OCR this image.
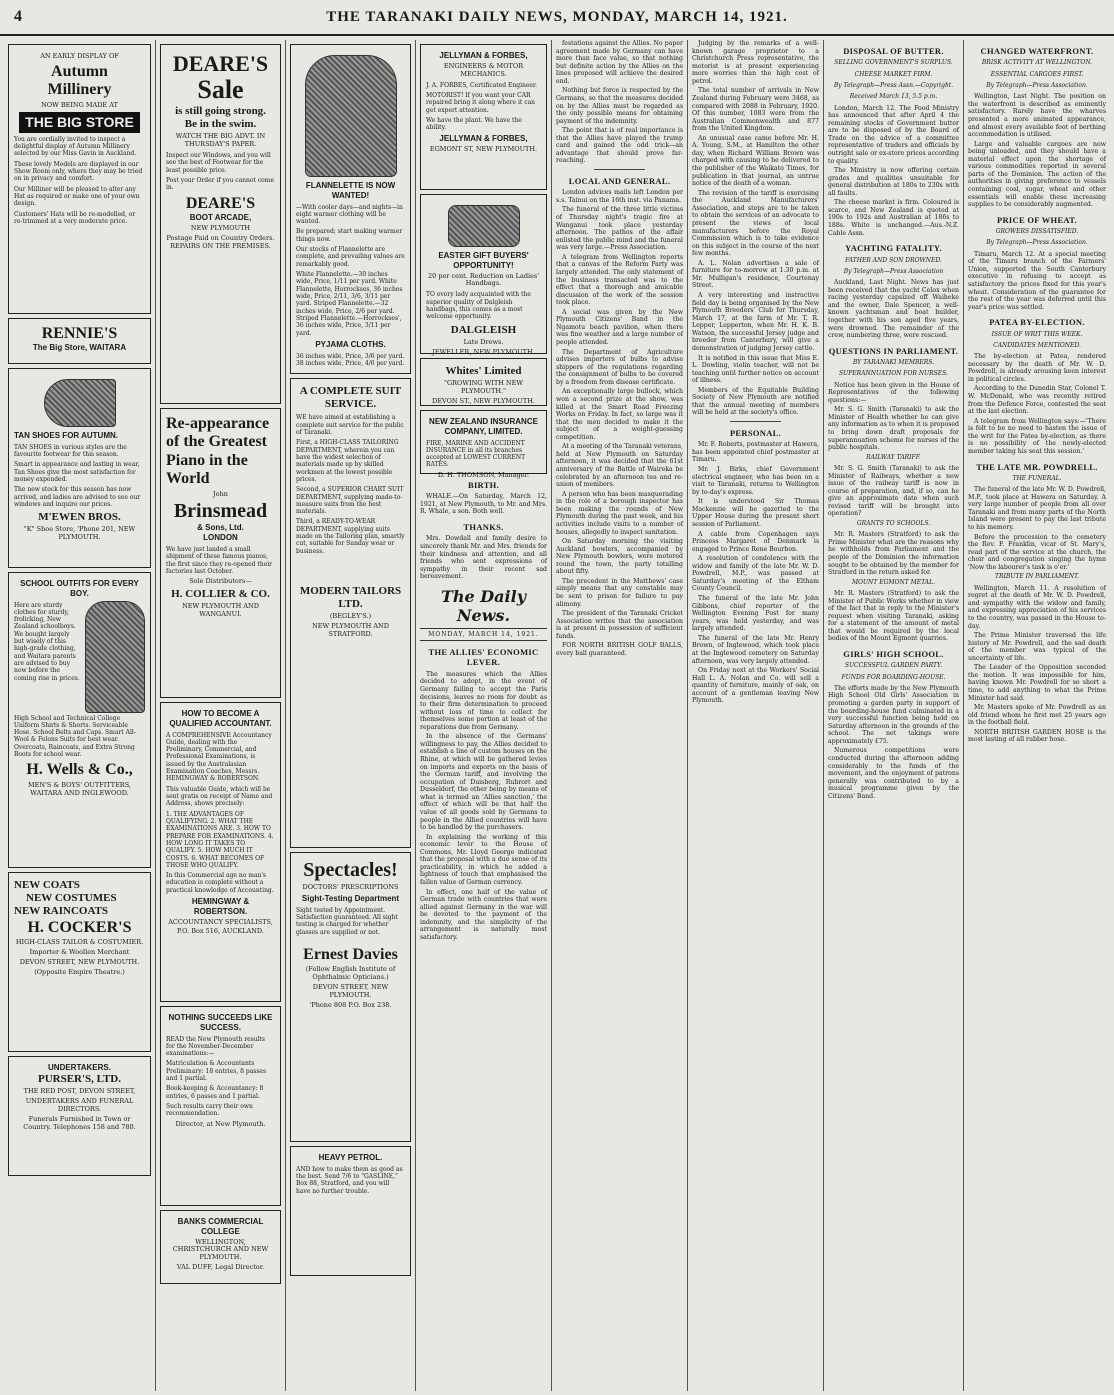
4	THE TARANAKI DAILY NEWS, MONDAY, MARCH 14, 1921.
AN EARLY DISPLAY OF
Autumn
Millinery
NOW BEING MADE AT
THE BIG STORE
You are cordially invited to inspect a delightful display of Autumn Millinery selected by our Miss Gavin in Auckland.
These lovely Models are displayed in our Show Room only, where they may be tried on in privacy and comfort.
Our Milliner will be pleased to alter any Hat as required or make one of your own design.
Customers' Hats will be re-modelled, or re-trimmed at a very moderate price.
RENNIE'S
The Big Store, WAITARA
TAN SHOES FOR AUTUMN.
TAN SHOES in various styles are the favourite footwear for this season.
Smart in appearance and lasting in wear, Tan Shoes give the most satisfaction for money expended.
The new stock for this season has now arrived, and ladies are advised to see our windows and inquire our prices.
M'EWEN BROS.
"K" Shoe Store, 'Phone 201, NEW PLYMOUTH.
SCHOOL OUTFITS FOR EVERY BOY.
Here are sturdy clothes for sturdy, frolicking, New Zealand schoolboys. We bought largely but wisely of this high-grade clothing, and Waitara parents are advised to buy now before the coming rise in prices.
High School and Technical College Uniform Shirts & Shorts. Serviceable Hose. School Belts and Caps. Smart All-Wool & Felons Suits for best wear. Overcoats, Raincoats, and Extra Strong Boots for school wear.
H. Wells & Co.,
MEN'S & BOYS' OUTFITTERS, WAITARA AND INGLEWOOD.
NEW COATS
NEW COSTUMES
NEW RAINCOATS
H. COCKER'S
HIGH-CLASS TAILOR & COSTUMIER.
Importer & Woollen Merchant
DEVON STREET, NEW PLYMOUTH.
(Opposite Empire Theatre.)
UNDERTAKERS.
PURSER'S, LTD.
THE RED POST, DEVON STREET,
UNDERTAKERS AND FUNERAL DIRECTORS.
Funerals Furnished in Town or Country. Telephones 158 and 780.
DEARE'S
Sale
is still going strong.
Be in the swim.
WATCH THE BIG ADVT. IN THURSDAY'S PAPER.
Inspect our Windows, and you will see the best of Footwear for the least possible price.
Post your Order if you cannot come in.
DEARE'S
BOOT ARCADE,
NEW PLYMOUTH
Postage Paid on Country Orders. REPAIRS ON THE PREMISES.
Re-appearance of the Greatest Piano in the World
John
Brinsmead
& Sons, Ltd.
LONDON
We have just landed a small shipment of these famous pianos, the first since they re-opened their factories last October.
Sole Distributors—
H. COLLIER & CO.
NEW PLYMOUTH AND WANGANUI.
HOW TO BECOME A QUALIFIED ACCOUNTANT.
A COMPREHENSIVE Accountancy Guide, dealing with the Preliminary, Commercial, and Professional Examinations, is issued by the Australasian Examination Coaches, Messrs. HEMINGWAY & ROBERTSON.
This valuable Guide, which will be sent gratis on receipt of Name and Address, shows precisely:
1. THE ADVANTAGES OF QUALIFYING. 2. WHAT THE EXAMINATIONS ARE. 3. HOW TO PREPARE FOR EXAMINATIONS. 4. HOW LONG IT TAKES TO QUALIFY. 5. HOW MUCH IT COSTS. 6. WHAT BECOMES OF THOSE WHO QUALIFY.
In this Commercial age no man's education is complete without a practical knowledge of Accounting.
HEMINGWAY & ROBERTSON.
ACCOUNTANCY SPECIALISTS,
P.O. Box 516, AUCKLAND.
NOTHING SUCCEEDS LIKE SUCCESS.
READ the New Plymouth results for the November-December examinations:—
Matriculation & Accountants Preliminary: 18 entries, 8 passes and 1 partial.
Book-keeping & Accountancy: 8 entries, 6 passes and 1 partial.
Such results carry their own recommendation.
Director, at New Plymouth.
BANKS COMMERCIAL COLLEGE
WELLINGTON, CHRISTCHURCH AND NEW PLYMOUTH.
VAL DUFF, Legal Director.
FLANNELETTE IS NOW WANTED!
—With cooler days—and nights—in eight warmer clothing will be wanted.
Be prepared; start making warmer things now.
Our stocks of Flannelette are complete, and prevailing values are remarkably good.
White Flannelette.—30 inches wide, Price, 1/11 per yard. White Flannelette, Horrockses, 36 inches wide, Price, 2/11, 3/6, 3/11 per yard. Striped Flannelette.—32 inches wide, Price, 2/6 per yard. Striped Flannelette.—Horrockses', 36 inches wide, Price, 3/11 per yard.
PYJAMA CLOTHS.
36 inches wide, Price, 3/6 per yard. 38 inches wide, Price, 4/6 per yard.
A COMPLETE SUIT SERVICE.
WE have aimed at establishing a complete suit service for the public of Taranaki.
First, a HIGH-CLASS TAILORING DEPARTMENT, wherein you can have the widest selection of materials made up by skilled workmen at the lowest possible prices.
Second, a SUPERIOR CHART SUIT DEPARTMENT, supplying made-to-measure suits from the best materials.
Third, a READY-TO-WEAR DEPARTMENT, supplying suits made on the Tailoring plan, smartly cut, suitable for Sunday wear or business.
MODERN TAILORS LTD.
(BEGLEY'S.)
NEW PLYMOUTH AND STRATFORD.
Spectacles!
DOCTORS' PRESCRIPTIONS
Sight-Testing Department
Sight tested by Appointment. Satisfaction guaranteed. All sight testing is charged for whether glasses are supplied or not.
Ernest Davies
(Fellow English Institute of Ophthalmic Opticians.)
DEVON STREET, NEW PLYMOUTH.
'Phone 808 P.O. Box 238.
HEAVY PETROL.
AND how to make them as good as the best. Send 7/6 to "GASLINE," Box 88, Stratford, and you will have no further trouble.
JELLYMAN & FORBES,
ENGINEERS & MOTOR MECHANICS.
J. A. FORBES, Certificated Engineer.
MOTORIST! If you want your CAR repaired bring it along where it can get expert attention.
We have the plant. We have the ability.
JELLYMAN & FORBES,
EGMONT ST, NEW PLYMOUTH.
EASTER GIFT BUYERS' OPPORTUNITY!
20 per cent. Reduction on Ladies' Handbags.
TO every lady acquainted with the superior quality of Dalgleish handbags, this comes as a most welcome opportunity.
DALGLEISH
Late Drews.
JEWELLER, NEW PLYMOUTH.
Whites' Limited
"GROWING WITH NEW PLYMOUTH."
DEVON ST., NEW PLYMOUTH.
NEW ZEALAND INSURANCE COMPANY, LIMITED.
FIRE, MARINE AND ACCIDENT INSURANCE in all its branches accepted at LOWEST CURRENT RATES.
D. H. THOMSON, Manager.
BIRTH.

WHALE.—On Saturday, March 12, 1921, at New Plymouth, to Mr. and Mrs. R. Whale, a son. Both well.

THANKS.

Mrs. Dowdall and family desire to sincerely thank Mr. and Mrs. friends for their kindness and attention, and all friends who sent expressions of sympathy in their recent sad bereavement.

The Daily News.
MONDAY, MARCH 14, 1921.
THE ALLIES' ECONOMIC LEVER.

The measures which the Allies decided to adopt, in the event of Germany failing to accept the Paris decisions, leaves no room for doubt as to their firm determination to proceed without loss of time to collect for themselves some portion at least of the reparations due from Germany.

In the absence of the Germans' willingness to pay, the Allies decided to establish a line of custom houses on the Rhine, at which will be gathered levies on imports and exports on the basis of the German tariff, and involving the occupation of Duisberg, Ruhrort and Dusseldorf, the other being by means of what is termed an 'Allies sanction,' the effect of which will be that half the value of all goods sold by Germans to people in the Allied countries will have to be handled by the purchasers.

In explaining the working of this economic lever to the House of Commons, Mr. Lloyd George indicated that the proposal with a due sense of its practicability, in which he added a lightness of touch that emphasised the fallen value of German currency.

In effect, one half of the value of German trade with countries that were allied against Germany in the war will be devoted to the payment of the indemnity, and the simplicity of the arrangement is naturally most satisfactory.

festations against the Allies. No paper agreement made by Germany can have more than face value, so that nothing but definite action by the Allies on the lines proposed will achieve the desired end.

Nothing but force is respected by the Germans, so that the measures decided on by the Allies must be regarded as the only possible means for obtaining payment of the indemnity.

The point that is of real importance is that the Allies have played the trump card and gained the odd trick—an advantage that should prove far-reaching.

LOCAL AND GENERAL.

London advices mails left London per s.s. Tainui on the 16th inst. via Panama.

The funeral of the three little victims of Thursday night's tragic fire at Wanganui took place yesterday afternoon. The pathos of the affair enlisted the public mind and the funeral was very large.—Press Association.

A telegram from Wellington reports that a canvas of the Reform Party was largely attended. The only statement of the business transacted was to the effect that a thorough and amicable discussion of the work of the session took place.

A social was given by the New Plymouth Citizens' Band in the Ngamotu beach pavilion, when there was fine weather and a large number of people attended.

The Department of Agriculture advises importers of bulbs to advise shippers of the regulations regarding the consignment of bulbs to be covered by a freedom from disease certificate.

An exceptionally large bullock, which won a second prize at the show, was killed at the Smart Road Freezing Works on Friday. In fact, so large was it that the men decided to make it the subject of a weight-guessing competition.

At a meeting of the Taranaki veterans, held at New Plymouth on Saturday afternoon, it was decided that the 61st anniversary of the Battle of Waireka be celebrated by an afternoon tea and re-union of members.

A person who has been masquerading in the role of a borough inspector has been making the rounds of New Plymouth during the past week, and his activities include visits to a number of houses, allegedly to inspect sanitation.

On Saturday morning the visiting Auckland bowlers, accompanied by New Plymouth bowlers, were motored round the town, the party totalling about fifty.

The precedent in the Matthews' case simply means that any constable may be sent to prison for failure to pay alimony.

The president of the Taranaki Cricket Association writes that the association is at present in possession of sufficient funds.

FOR NORTH BRITISH GOLF BALLS, every ball guaranteed.

Judging by the remarks of a well-known garage proprietor to a Christchurch Press representative, the motorist is at present experiencing more worries than the high cost of petrol.

The total number of arrivals in New Zealand during February were 3468, as compared with 2088 in February, 1920. Of this number, 1083 were from the Australian Commonwealth and 877 from the United Kingdom.

An unusual case came before Mr. H. A. Young, S.M., at Hamilton the other day, when Richard William Brown was charged with causing to be delivered to the publisher of the Waikato Times, for publication in that journal, an untrue notice of the death of a woman.

The revision of the tariff is exercising the Auckland Manufacturers' Association, and steps are to be taken to obtain the services of an advocate to present the views of local manufacturers before the Royal Commission which is to take evidence on this subject in the course of the next few months.

A. L. Nolan advertises a sale of furniture for to-morrow at 1.30 p.m. at Mr. Mulligan's residence, Courtenay Street.

A very interesting and instructive field day is being organised by the New Plymouth Breeders' Club for Thursday, March 17, at the farm of Mr. T. R. Lepper, Lepperton, when Mr. H. K. B. Watson, the successful Jersey judge and breeder from Canterbury, will give a demonstration of judging Jersey cattle.

It is notified in this issue that Miss E. L. Dowling, violin teacher, will not be teaching until further notice on account of illness.

Members of the Equitable Building Society of New Plymouth are notified that the annual meeting of members will be held at the society's office.

PERSONAL.

Mr. F. Roberts, postmaster at Hawera, has been appointed chief postmaster at Timaru.

Mr. J. Birks, chief Government electrical engineer, who has been on a visit to Taranaki, returns to Wellington by to-day's express.

It is understood Sir Thomas Mackenzie will be gazetted to the Upper House during the present short session of Parliament.

A cable from Copenhagen says Princess Margaret of Denmark is engaged to Prince Rene Bourbon.

A resolution of condolence with the widow and family of the late Mr. W. D. Powdrell, M.P., was passed at Saturday's meeting of the Eltham County Council.

The funeral of the late Mr. John Gibbons, chief reporter of the Wellington Evening Post for many years, was held yesterday, and was largely attended.

The funeral of the late Mr. Henry Brown, of Inglewood, which took place at the Inglewood cemetery on Saturday afternoon, was very largely attended.

On Friday next at the Workers' Social Hall L. A. Nolan and Co. will sell a quantity of furniture, mainly of oak, on account of a gentleman leaving New Plymouth.

DISPOSAL OF BUTTER.
SELLING GOVERNMENT'S SURPLUS.
CHEESE MARKET FIRM.
By Telegraph—Press Assn.—Copyright.
Received March 13, 5.5 p.m.

London, March 12. The Food Ministry has announced that after April 4 the remaining stocks of Government butter are to be disposed of by the Board of Trade on the advice of a committee representative of traders and officials by outright sale or ex-store prices according to quality.

The Ministry is now offering certain grades and qualities unsuitable for general distribution at 180s to 230s with all faults.

The cheese market is firm. Coloured is scarce, and New Zealand is quoted at 190s to 192s and Australian at 186s to 188s. White is unchanged.—Aus.-N.Z. Cable Assn.

YACHTING FATALITY.
FATHER AND SON DROWNED.
By Telegraph—Press Association

Auckland, Last Night. News has just been received that the yacht Celox when racing yesterday capsized off Waiheke and the owner, Dale Spencer, a well-known yachtsman and boat builder, together with his son aged five years, were drowned. The remainder of the crew, numbering three, were rescued.

QUESTIONS IN PARLIAMENT.
BY TARANAKI MEMBERS.
SUPERANNUATION FOR NURSES.

Notice has been given in the House of Representatives of the following questions:—

Mr. S. G. Smith (Taranaki) to ask the Minister of Health whether he can give any information as to when it is proposed to bring down draft proposals for superannuation scheme for nurses of the public hospitals.

RAILWAY TARIFF.

Mr. S. G. Smith (Taranaki) to ask the Minister of Railways, whether a new issue of the railway tariff is now in course of preparation, and, if so, can he give an approximate date when such revised tariff will be brought into operation?

GRANTS TO SCHOOLS.

Mr. R. Masters (Stratford) to ask the Prime Minister what are the reasons why he withholds from Parliament and the people of the Dominion the information sought to be obtained by the member for Stratford in the return asked for.

MOUNT EGMONT METAL.

Mr. R. Masters (Stratford) to ask the Minister of Public Works whether in view of the fact that in reply to the Minister's request when visiting Taranaki, asking for a statement of the amount of metal that would be required by the local bodies of the Mount Egmont quarries.

GIRLS' HIGH SCHOOL.
SUCCESSFUL GARDEN PARTY.
FUNDS FOR BOARDING-HOUSE.

The efforts made by the New Plymouth High School Old Girls' Association in promoting a garden party in support of the boarding-house fund culminated in a very successful function being held on Saturday afternoon in the grounds of the school. The net takings were approximately £75.

Numerous competitions were conducted during the afternoon adding considerably to the funds of the movement, and the enjoyment of patrons generally was contributed to by a musical programme given by the Citizens' Band.

CHANGED WATERFRONT.
BRISK ACTIVITY AT WELLINGTON.
ESSENTIAL CARGOES FIRST.
By Telegraph—Press Association.

Wellington, Last Night. The position on the waterfront is described as eminently satisfactory. Rarely have the wharves presented a more animated appearance, and almost every available foot of berthing accommodation is utilised.

Large and valuable cargoes are now being unloaded, and they should have a material effect upon the shortage of various commodities reported in several parts of the Dominion. The action of the authorities in giving preference to vessels containing coal, sugar, wheat and other essentials will enable these increasing supplies to be considerably augmented.

PRICE OF WHEAT.
GROWERS DISSATISFIED.
By Telegraph—Press Association.

Timaru, March 12. At a special meeting of the Timaru branch of the Farmers' Union, supported the South Canterbury executive in refusing to accept as satisfactory the prices fixed for this year's wheat. Consideration of the guarantee for the rest of the year was deferred until this year's price was settled.

PATEA BY-ELECTION.
ISSUE OF WRIT THIS WEEK.
CANDIDATES MENTIONED.

The by-election at Patea, rendered necessary by the death of Mr. W. D. Powdrell, is already arousing keen interest in political circles.

According to the Dunedin Star, Colonel T. W. McDonald, who was recently retired from the Defence Force, contested the seat at the last election.

A telegram from Wellington says:—'There is felt to be no need to hasten the issue of the writ for the Patea by-election, as there is no possibility of the newly-elected member taking his seat this session.'

THE LATE MR. POWDRELL.
THE FUNERAL.

The funeral of the late Mr. W. D. Powdrell, M.P., took place at Hawera on Saturday. A very large number of people from all over Taranaki and from many parts of the North Island were present to pay the last tribute to his memory.

Before the procession to the cemetery the Rev. F. Franklin, vicar of St. Mary's, read part of the service at the church, the choir and congregation singing the hymn 'Now the labourer's task is o'er.'

TRIBUTE IN PARLIAMENT.

Wellington, March 11. A resolution of regret at the death of Mr. W. D. Powdrell, and sympathy with the widow and family, and expressing appreciation of his services to the country, was passed in the House to-day.

The Prime Minister traversed the life history of Mr. Powdrell, and the sad death of the member was typical of the uncertainty of life.

The Leader of the Opposition seconded the motion. It was impossible for him, having known Mr. Powdrell for so short a time, to add anything to what the Prime Minister had said.

Mr. Masters spoke of Mr. Powdrell as an old friend whom he first met 25 years ago in the football field.

NORTH BRITISH GARDEN HOSE is the most lasting of all rubber hose.
